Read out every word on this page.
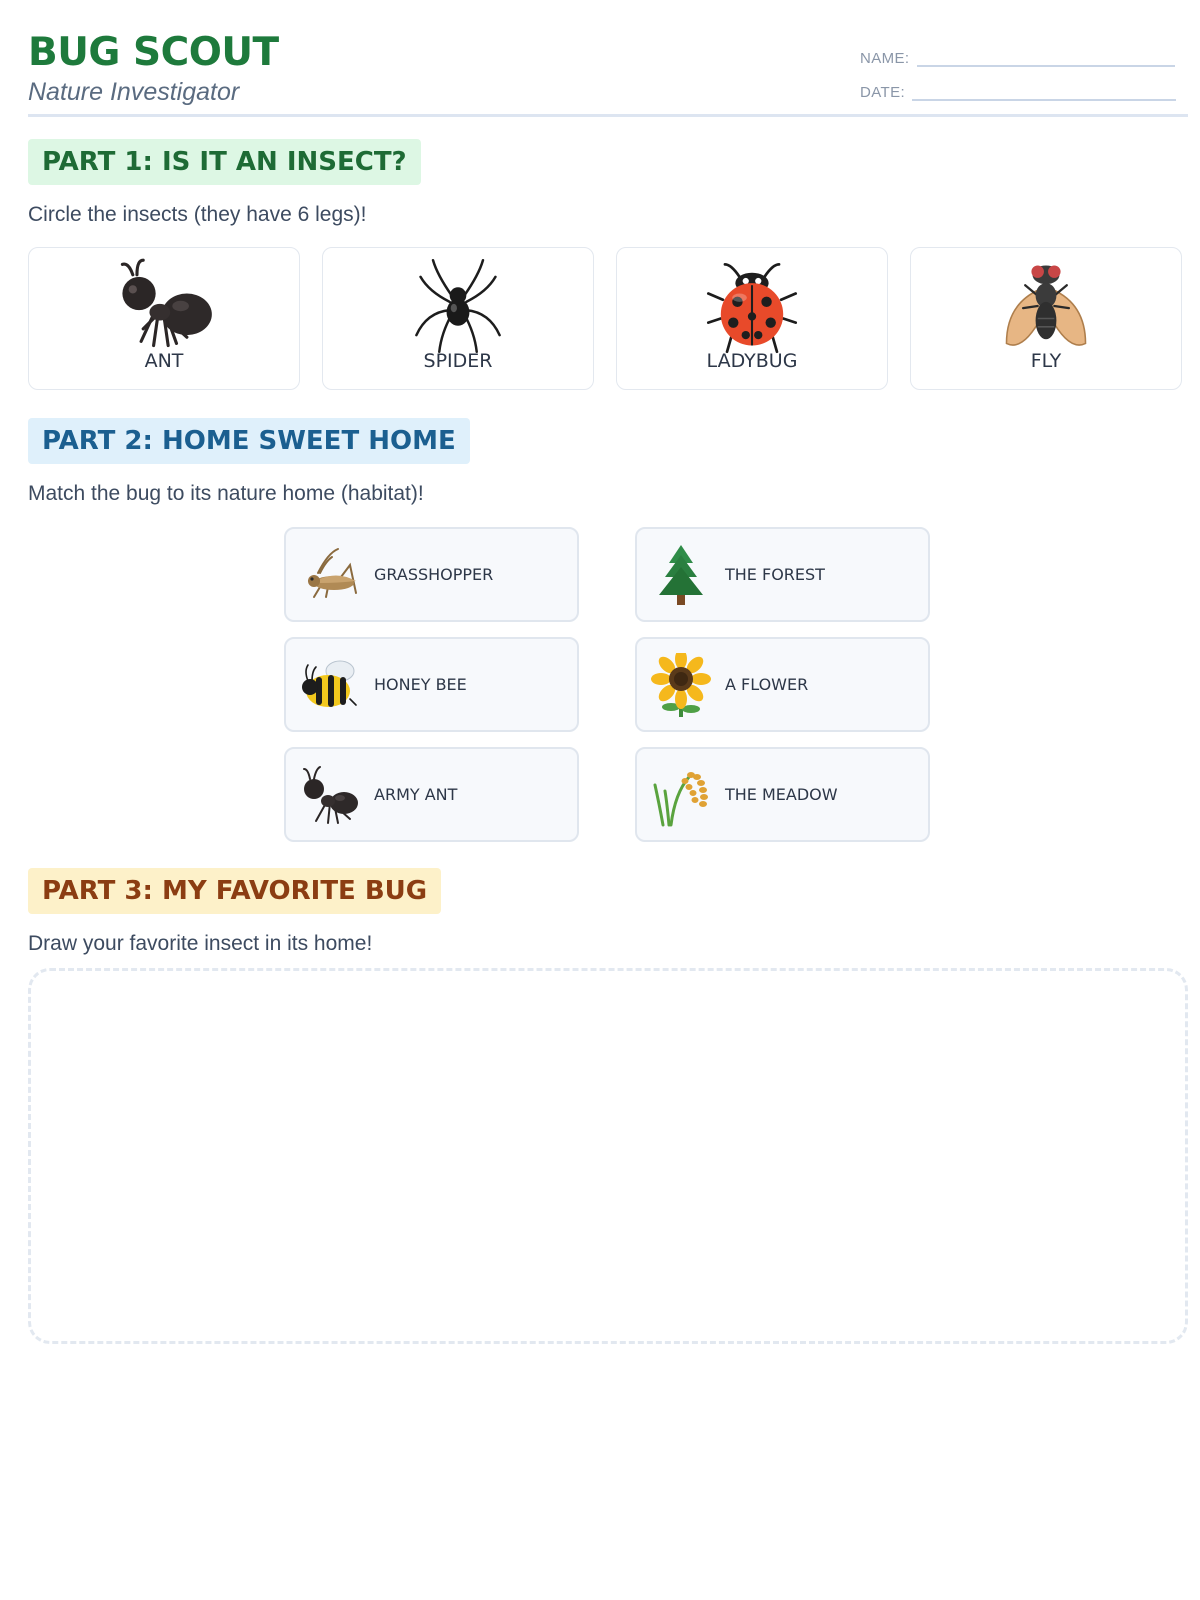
BUG SCOUT
Nature Investigator
NAME:
DATE:
PART 1: IS IT AN INSECT?
Circle the insects (they have 6 legs)!
ANT	SPIDER	LADYBUG	FLY
PART 2: HOME SWEET HOME
Match the bug to its nature home (habitat)!
GRASSHOPPER
HONEY BEE
ARMY ANT
THE FOREST
A FLOWER
THE MEADOW
PART 3: MY FAVORITE BUG
Draw your favorite insect in its home!
